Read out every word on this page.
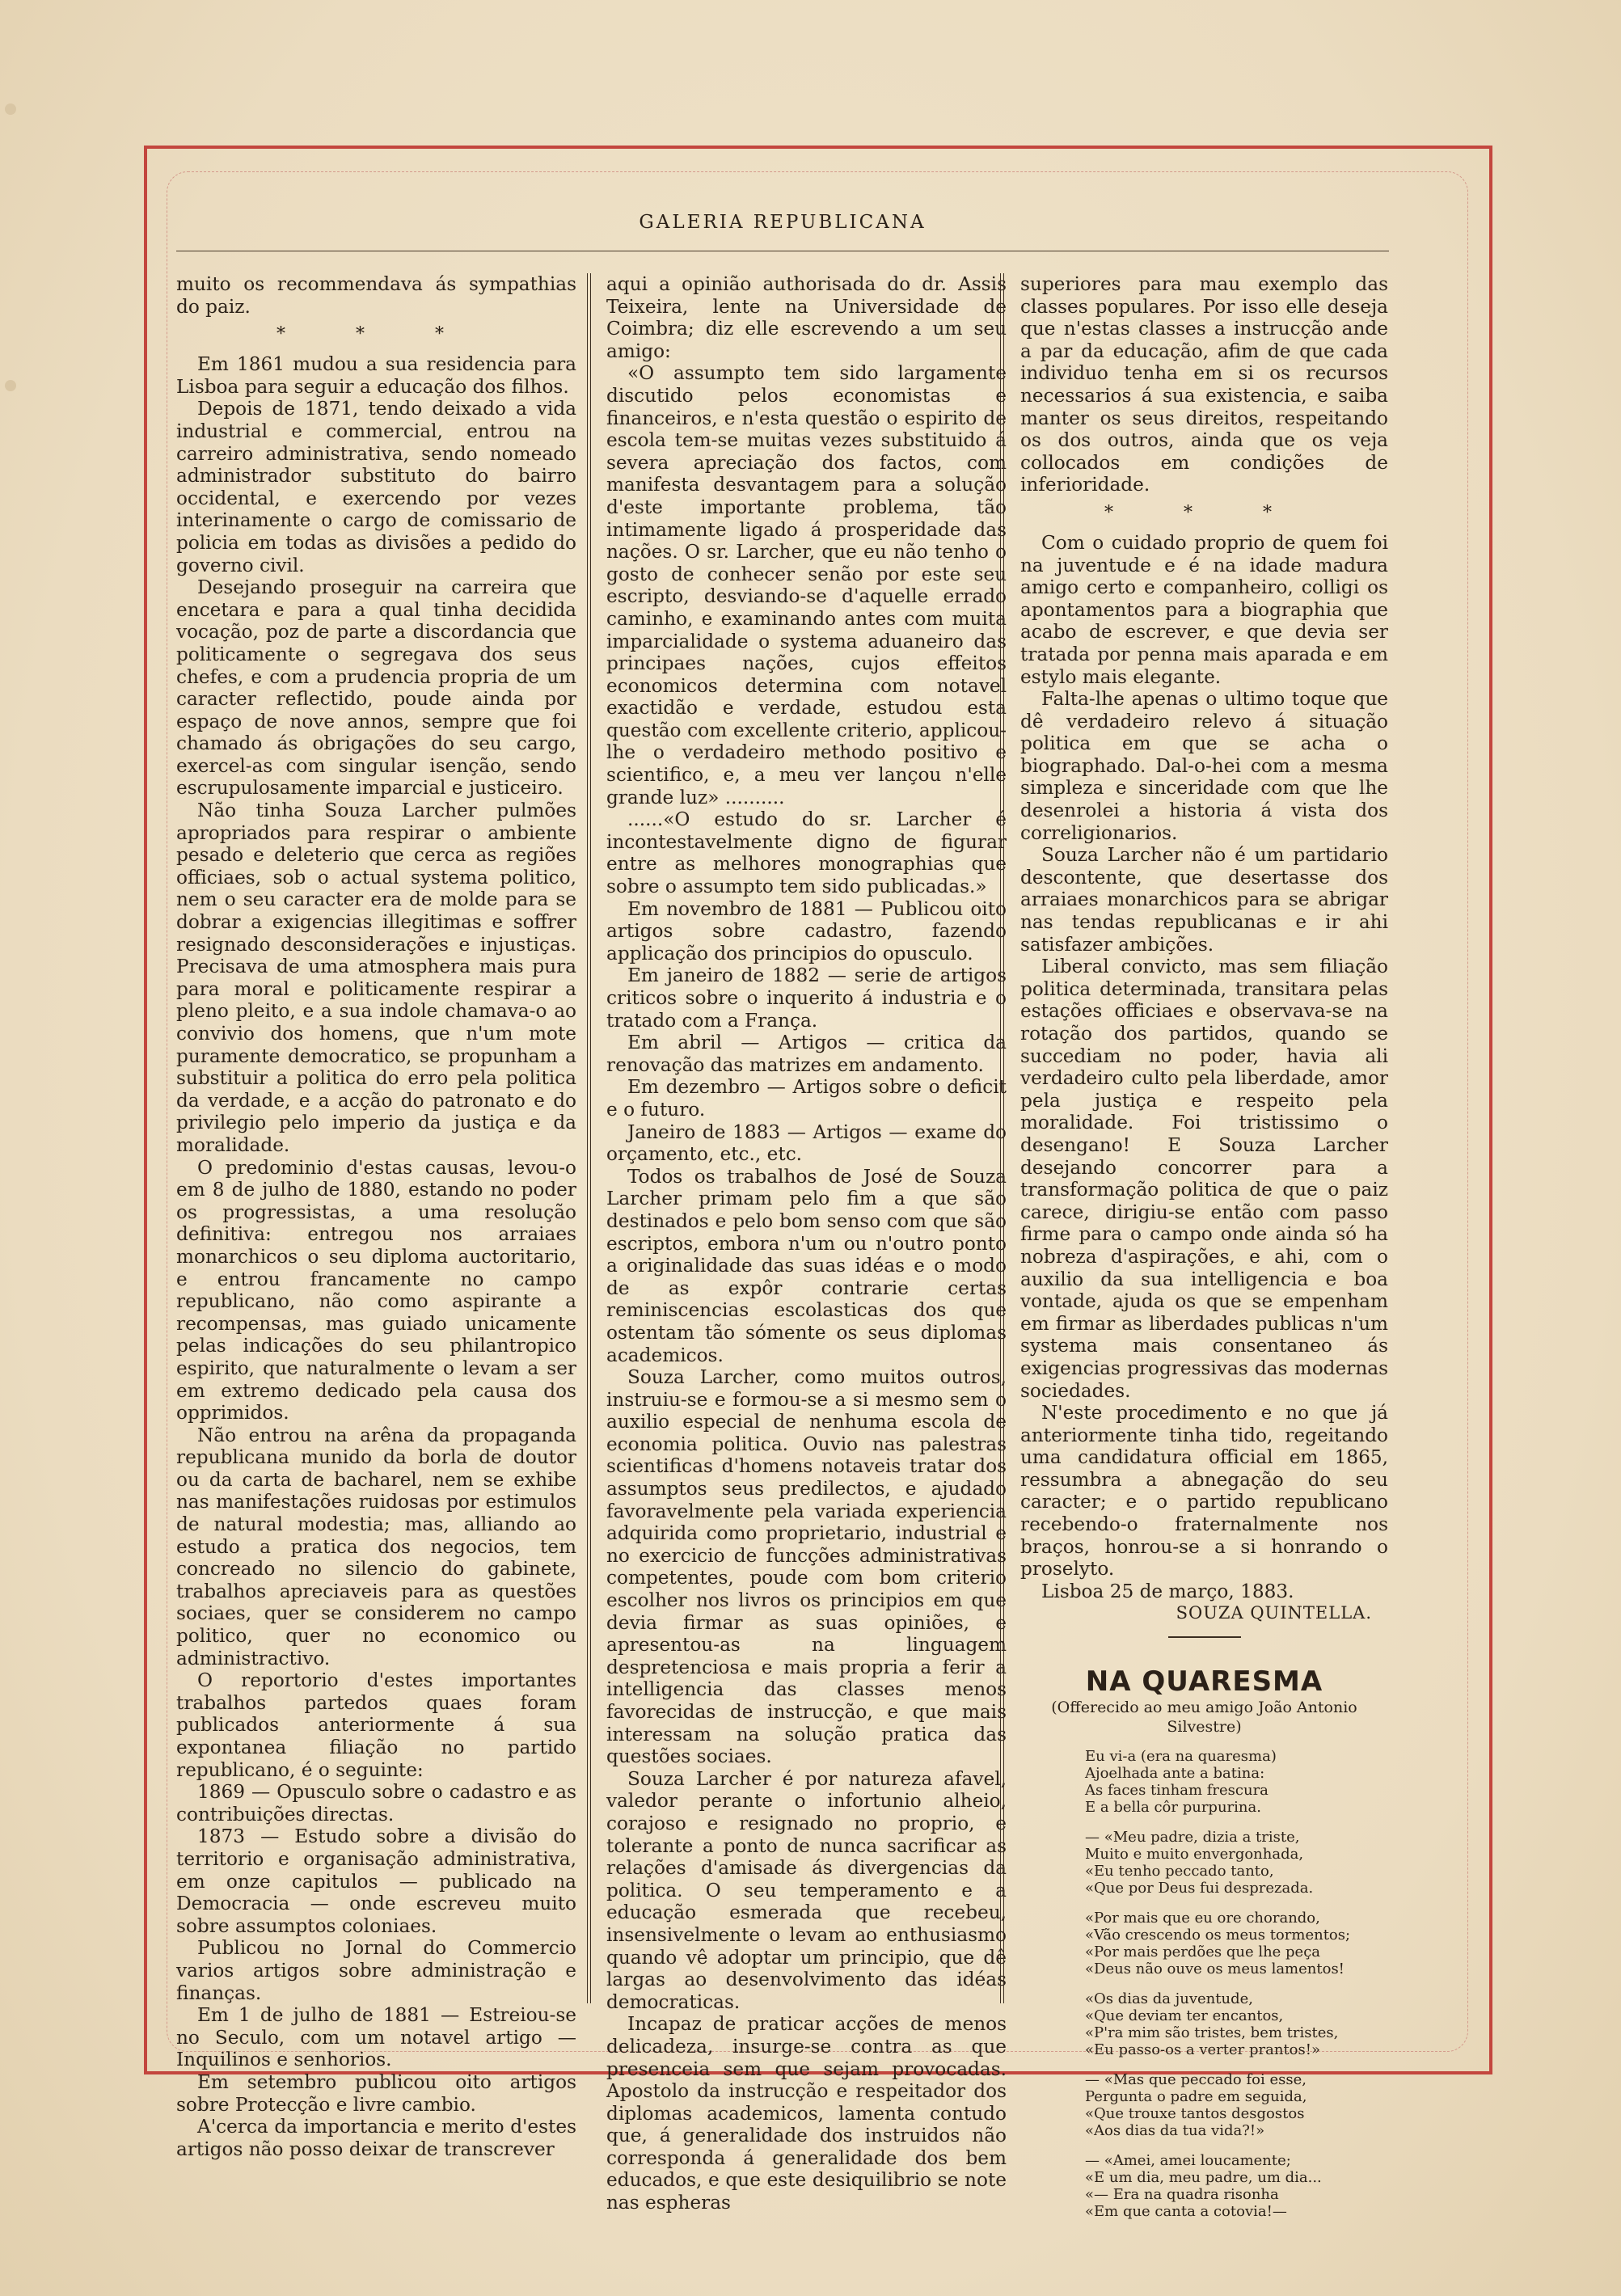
GALERIA REPUBLICANA

muito os recommendava ás sympathias do paiz.

* * *

Em 1861 mudou a sua residencia para Lisboa para seguir a educação dos filhos.

Depois de 1871, tendo deixado a vida industrial e commercial, entrou na carreiro administrativa, sendo nomeado administrador substituto do bairro occidental, e exercendo por vezes interinamente o cargo de comissario de policia em todas as divisões a pedido do governo civil.

Desejando proseguir na carreira que encetara e para a qual tinha decidida vocação, poz de parte a discordancia que politicamente o segregava dos seus chefes, e com a prudencia propria de um caracter reflectido, poude ainda por espaço de nove annos, sempre que foi chamado ás obrigações do seu cargo, exercel-as com singular isenção, sendo escrupulosamente imparcial e justiceiro.

Não tinha Souza Larcher pulmões apropriados para respirar o ambiente pesado e deleterio que cerca as regiões officiaes, sob o actual systema politico, nem o seu caracter era de molde para se dobrar a exigencias illegitimas e soffrer resignado desconsiderações e injustiças. Precisava de uma atmosphera mais pura para moral e politicamente respirar a pleno pleito, e a sua indole chamava-o ao convivio dos homens, que n'um mote puramente democratico, se propunham a substituir a politica do erro pela politica da verdade, e a acção do patronato e do privilegio pelo imperio da justiça e da moralidade.

O predominio d'estas causas, levou-o em 8 de julho de 1880, estando no poder os progressistas, a uma resolução definitiva: entregou nos arraiaes monarchicos o seu diploma auctoritario, e entrou francamente no campo republicano, não como aspirante a recompensas, mas guiado unicamente pelas indicações do seu philantropico espirito, que naturalmente o levam a ser em extremo dedicado pela causa dos opprimidos.

Não entrou na arêna da propaganda republicana munido da borla de doutor ou da carta de bacharel, nem se exhibe nas manifestações ruidosas por estimulos de natural modestia; mas, alliando ao estudo a pratica dos negocios, tem concreado no silencio do gabinete, trabalhos apreciaveis para as questões sociaes, quer se considerem no campo politico, quer no economico ou administractivo.

O reportorio d'estes importantes trabalhos partedos quaes foram publicados anteriormente á sua expontanea filiação no partido republicano, é o seguinte:

1869 — Opusculo sobre o cadastro e as contribuições directas.

1873 — Estudo sobre a divisão do territorio e organisação administrativa, em onze capitulos — publicado na Democracia — onde escreveu muito sobre assumptos coloniaes.

Publicou no Jornal do Commercio varios artigos sobre administração e finanças.

Em 1 de julho de 1881 — Estreiou-se no Seculo, com um notavel artigo — Inquilinos e senhorios.

Em setembro publicou oito artigos sobre Protecção e livre cambio.

A'cerca da importancia e merito d'estes artigos não posso deixar de transcrever

aqui a opinião authorisada do dr. Assis Teixeira, lente na Universidade de Coimbra; diz elle escrevendo a um seu amigo:

«O assumpto tem sido largamente discutido pelos economistas e financeiros, e n'esta questão o espirito de escola tem-se muitas vezes substituido á severa apreciação dos factos, com manifesta desvantagem para a solução d'este importante problema, tão intimamente ligado á prosperidade das nações. O sr. Larcher, que eu não tenho o gosto de conhecer senão por este seu escripto, desviando-se d'aquelle errado caminho, e examinando antes com muita imparcialidade o systema aduaneiro das principaes nações, cujos effeitos economicos determina com notavel exactidão e verdade, estudou esta questão com excellente criterio, applicou-lhe o verdadeiro methodo positivo e scientifico, e, a meu ver lançou n'elle grande luz» ..........

......«O estudo do sr. Larcher é incontestavelmente digno de figurar entre as melhores monographias que sobre o assumpto tem sido publicadas.»

Em novembro de 1881 — Publicou oito artigos sobre cadastro, fazendo applicação dos principios do opusculo.

Em janeiro de 1882 — serie de artigos criticos sobre o inquerito á industria e o tratado com a França.

Em abril — Artigos — critica da renovação das matrizes em andamento.

Em dezembro — Artigos sobre o deficit e o futuro.

Janeiro de 1883 — Artigos — exame do orçamento, etc., etc.

Todos os trabalhos de José de Souza Larcher primam pelo fim a que são destinados e pelo bom senso com que são escriptos, embora n'um ou n'outro ponto a originalidade das suas idéas e o modo de as expôr contrarie certas reminiscencias escolasticas dos que ostentam tão sómente os seus diplomas academicos.

Souza Larcher, como muitos outros, instruiu-se e formou-se a si mesmo sem o auxilio especial de nenhuma escola de economia politica. Ouvio nas palestras scientificas d'homens notaveis tratar dos assumptos seus predilectos, e ajudado favoravelmente pela variada experiencia adquirida como proprietario, industrial e no exercicio de funcções administrativas competentes, poude com bom criterio escolher nos livros os principios em que devia firmar as suas opiniões, e apresentou-as na linguagem despretenciosa e mais propria a ferir a intelligencia das classes menos favorecidas de instrucção, e que mais interessam na solução pratica das questões sociaes.

Souza Larcher é por natureza afavel, valedor perante o infortunio alheio, corajoso e resignado no proprio, e tolerante a ponto de nunca sacrificar as relações d'amisade ás divergencias da politica. O seu temperamento e a educação esmerada que recebeu, insensivelmente o levam ao enthusiasmo quando vê adoptar um principio, que dê largas ao desenvolvimento das idéas democraticas.

Incapaz de praticar acções de menos delicadeza, insurge-se contra as que presenceia sem que sejam provocadas. Apostolo da instrucção e respeitador dos diplomas academicos, lamenta contudo que, á generalidade dos instruidos não corresponda á generalidade dos bem educados, e que este desiquilibrio se note nas espheras

superiores para mau exemplo das classes populares. Por isso elle deseja que n'estas classes a instrucção ande a par da educação, afim de que cada individuo tenha em si os recursos necessarios á sua existencia, e saiba manter os seus direitos, respeitando os dos outros, ainda que os veja collocados em condições de inferioridade.

* * *

Com o cuidado proprio de quem foi na juventude e é na idade madura amigo certo e companheiro, colligi os apontamentos para a biographia que acabo de escrever, e que devia ser tratada por penna mais aparada e em estylo mais elegante.

Falta-lhe apenas o ultimo toque que dê verdadeiro relevo á situação politica em que se acha o biographado. Dal-o-hei com a mesma simpleza e sinceridade com que lhe desenrolei a historia á vista dos correligionarios.

Souza Larcher não é um partidario descontente, que desertasse dos arraiaes monarchicos para se abrigar nas tendas republicanas e ir ahi satisfazer ambições.

Liberal convicto, mas sem filiação politica determinada, transitara pelas estações officiaes e observava-se na rotação dos partidos, quando se succediam no poder, havia ali verdadeiro culto pela liberdade, amor pela justiça e respeito pela moralidade. Foi tristissimo o desengano! E Souza Larcher desejando concorrer para a transformação politica de que o paiz carece, dirigiu-se então com passo firme para o campo onde ainda só ha nobreza d'aspirações, e ahi, com o auxilio da sua intelligencia e boa vontade, ajuda os que se empenham em firmar as liberdades publicas n'um systema mais consentaneo ás exigencias progressivas das modernas sociedades.

N'este procedimento e no que já anteriormente tinha tido, regeitando uma candidatura official em 1865, ressumbra a abnegação do seu caracter; e o partido republicano recebendo-o fraternalmente nos braços, honrou-se a si honrando o proselyto.

Lisboa 25 de março, 1883.

SOUZA QUINTELLA.
NA QUARESMA
(Offerecido ao meu amigo João Antonio Silvestre)
Eu vi-a (era na quaresma)
Ajoelhada ante a batina:
As faces tinham frescura
E a bella côr purpurina.
— «Meu padre, dizia a triste,
Muito e muito envergonhada,
«Eu tenho peccado tanto,
«Que por Deus fui desprezada.
«Por mais que eu ore chorando,
«Vão crescendo os meus tormentos;
«Por mais perdões que lhe peça
«Deus não ouve os meus lamentos!
«Os dias da juventude,
«Que deviam ter encantos,
«P'ra mim são tristes, bem tristes,
«Eu passo-os a verter prantos!»
— «Mas que peccado foi esse,
Pergunta o padre em seguida,
«Que trouxe tantos desgostos
«Aos dias da tua vida?!»
— «Amei, amei loucamente;
«E um dia, meu padre, um dia...
«— Era na quadra risonha
«Em que canta a cotovia!—
